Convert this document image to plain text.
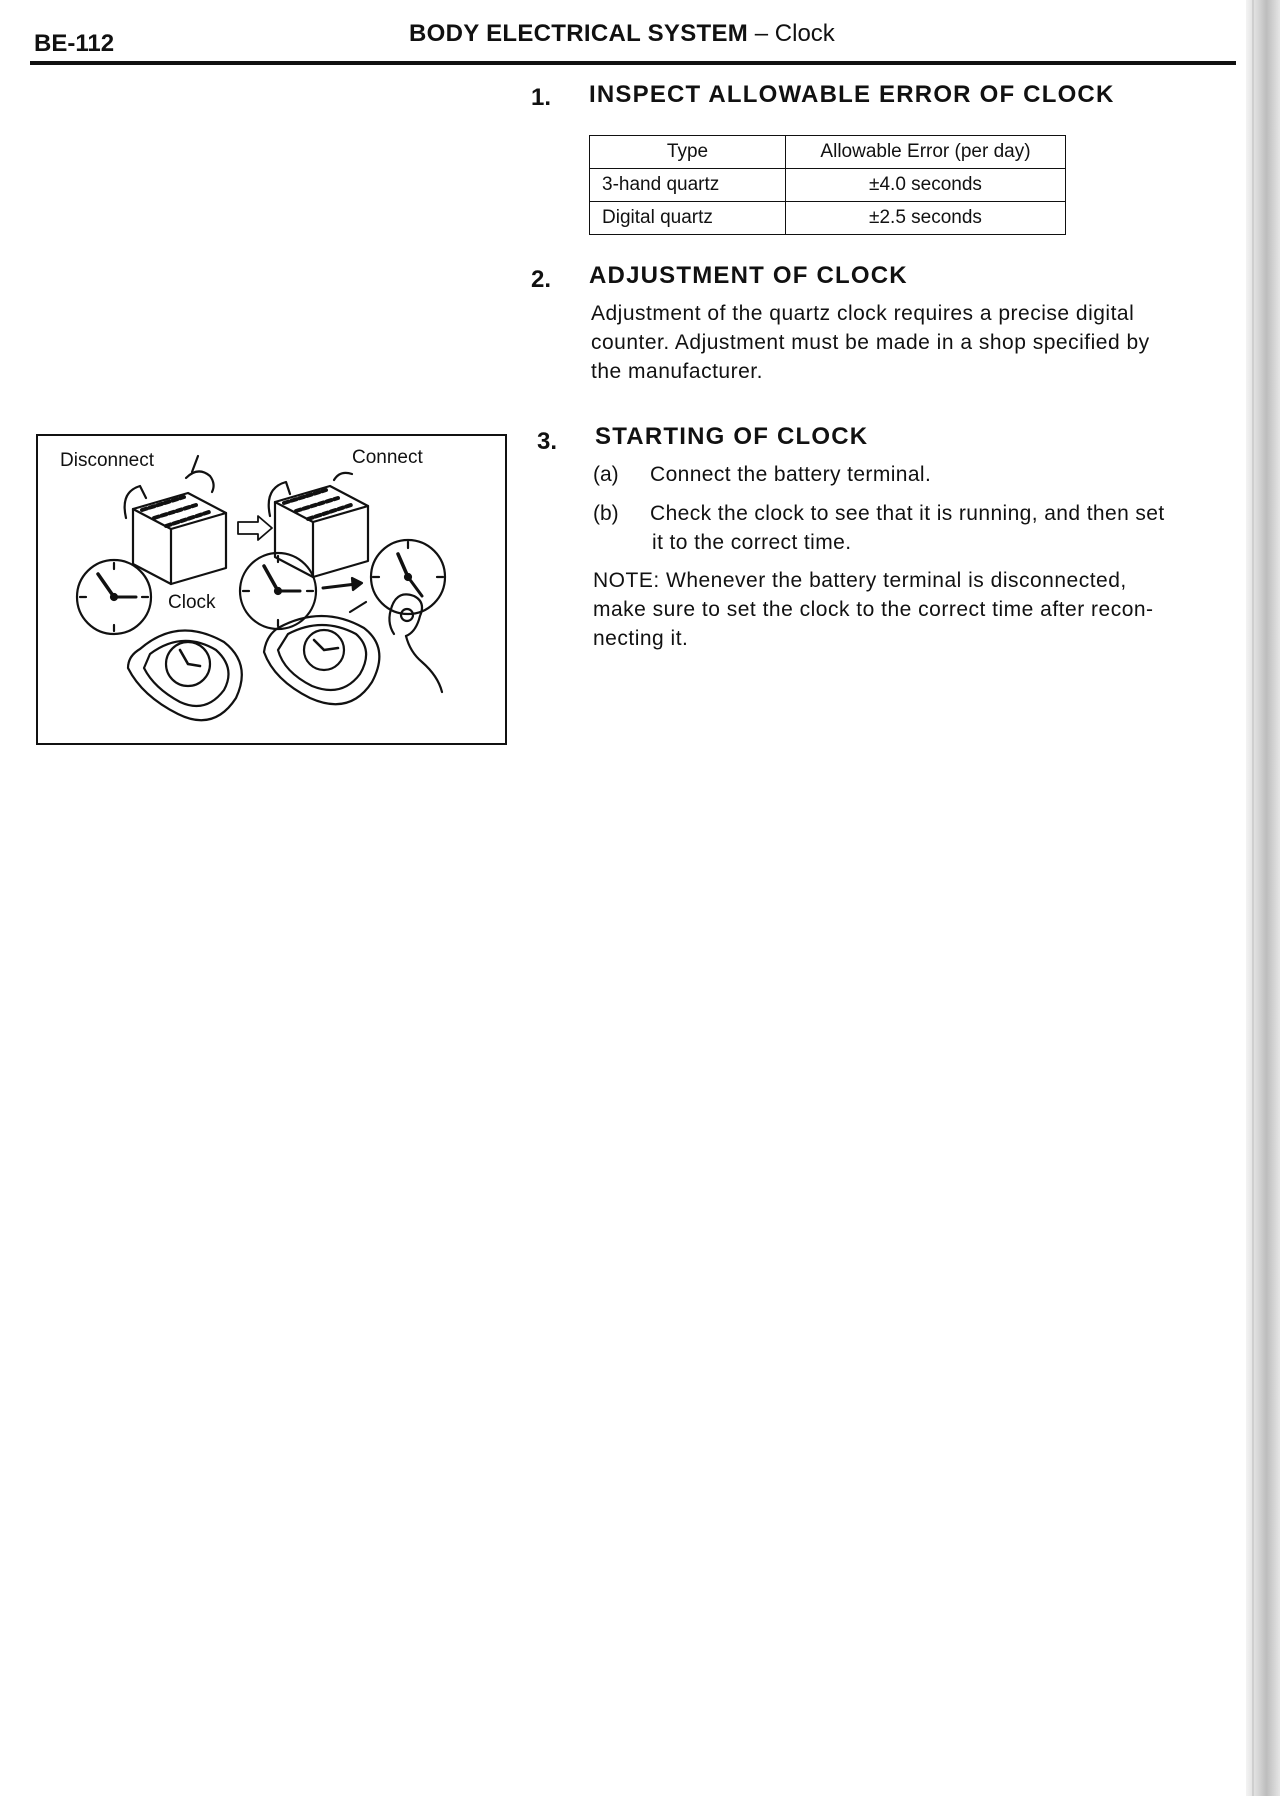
BE-112	BODY ELECTRICAL SYSTEM – Clock
1. INSPECT ALLOWABLE ERROR OF CLOCK
Type	Allowable Error (per day)
3-hand quartz	±4.0 seconds
Digital quartz	±2.5 seconds
2. ADJUSTMENT OF CLOCK
Adjustment of the quartz clock requires a precise digital
counter. Adjustment must be made in a shop specified by
the manufacturer.
3. STARTING OF CLOCK
(a) Connect the battery terminal.
(b) Check the clock to see that it is running, and then set
it to the correct time.
NOTE: Whenever the battery terminal is disconnected,
make sure to set the clock to the correct time after recon-
necting it.
Disconnect	Connect
Clock
